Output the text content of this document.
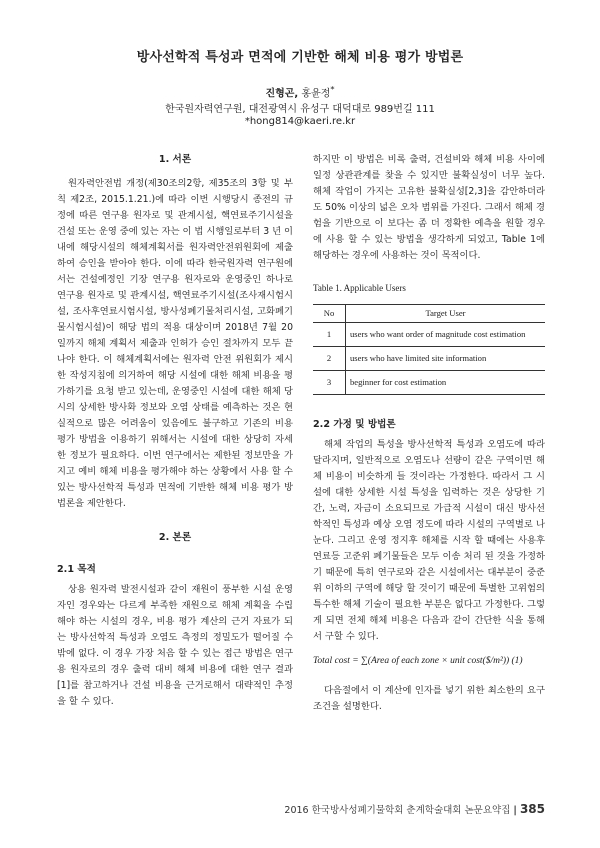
방사선학적 특성과 면적에 기반한 해체 비용 평가 방법론
진형곤, 홍윤정*
한국원자력연구원, 대전광역시 유성구 대덕대로 989번길 111
*hong814@kaeri.re.kr
1. 서론

원자력안전법 개정(제30조의2항, 제35조의 3항 및 부칙 제2조, 2015.1.21.)에 따라 이번 시행당시 종전의 규정에 따른 연구용 원자로 및 관계시설, 핵연료주기시설을 건설 또는 운영 중에 있는 자는 이 법 시행일로부터 3 년 이내에 해당시설의 해체계획서를 원자력안전위원회에 제출하여 승인을 받아야 한다. 이에 따라 한국원자력 연구원에서는 건설예정인 기장 연구용 원자로와 운영중인 하나로 연구용 원자로 및 관계시설, 핵연료주기시설(조사재시험시설, 조사후연료시험시설, 방사성폐기물처리시설, 고화폐기물시험시설)이 해당 법의 적용 대상이며 2018년 7월 20일까지 해체 계획서 제출과 인허가 승인 절차까지 모두 끝나야 한다. 이 해체계획서에는 원자력 안전 위원회가 제시한 작성지침에 의거하여 해당 시설에 대한 해체 비용을 평가하기를 요청 받고 있는데, 운영중인 시설에 대한 해체 당시의 상세한 방사화 정보와 오염 상태를 예측하는 것은 현실적으로 많은 어려움이 있음에도 불구하고 기존의 비용 평가 방법을 이용하기 위해서는 시설에 대한 상당히 자세한 정보가 필요하다. 이번 연구에서는 제한된 정보만을 가지고 예비 해체 비용을 평가해야 하는 상황에서 사용 할 수 있는 방사선학적 특성과 면적에 기반한 해체 비용 평가 방법론을 제안한다.

2. 본론
2.1 목적

상용 원자력 발전시설과 같이 재원이 풍부한 시설 운영자인 경우와는 다르게 부족한 재원으로 해체 계획을 수립해야 하는 시설의 경우, 비용 평가 계산의 근거 자료가 되는 방사선학적 특성과 오염도 측정의 정밀도가 떨어질 수밖에 없다. 이 경우 가장 처음 할 수 있는 접근 방법은 연구용 원자로의 경우 출력 대비 해체 비용에 대한 연구 결과[1]를 참고하거나 건설 비용을 근거로해서 대략적인 추정을 할 수 있다.

하지만 이 방법은 비록 출력, 건설비와 해체 비용 사이에 일정 상관관계를 찾을 수 있지만 불확실성이 너무 높다. 해체 작업이 가지는 고유한 불확실성[2,3]을 감안하더라도 50% 이상의 넓은 오차 범위를 가진다. 그래서 해체 경험을 기반으로 이 보다는 좀 더 정확한 예측을 원할 경우에 사용 할 수 있는 방법을 생각하게 되었고, Table 1에 해당하는 경우에 사용하는 것이 목적이다.

Table 1. Applicable Users
No	Target User
1	users who want order of magnitude cost estimation
2	users who have limited site information
3	beginner for cost estimation
2.2 가정 및 방법론

해체 작업의 특성을 방사선학적 특성과 오염도에 따라 달라지며, 일반적으로 오염도나 선량이 같은 구역이면 해체 비용이 비슷하게 들 것이라는 가정한다. 따라서 그 시설에 대한 상세한 시설 특성을 입력하는 것은 상당한 기간, 노력, 자금이 소요되므로 가급적 시설이 대신 방사선학적인 특성과 예상 오염 정도에 따라 시설의 구역별로 나눈다. 그리고 운영 정지후 해체를 시작 할 때에는 사용후 연료등 고준위 폐기물들은 모두 이송 처리 된 것을 가정하기 때문에 특히 연구로와 같은 시설에서는 대부분이 중준위 이하의 구역에 해당 할 것이기 때문에 특별한 고위험의 특수한 해체 기술이 필요한 부분은 없다고 가정한다. 그렇게 되면 전체 해체 비용은 다음과 같이 간단한 식을 통해서 구할 수 있다.

Total cost = ∑(Area of each zone × unit cost($/m²)) (1)

다음절에서 이 계산에 인자를 넣기 위한 최소한의 요구조건을 설명한다.

2016 한국방사성폐기물학회 춘계학술대회 논문요약집 | 385
